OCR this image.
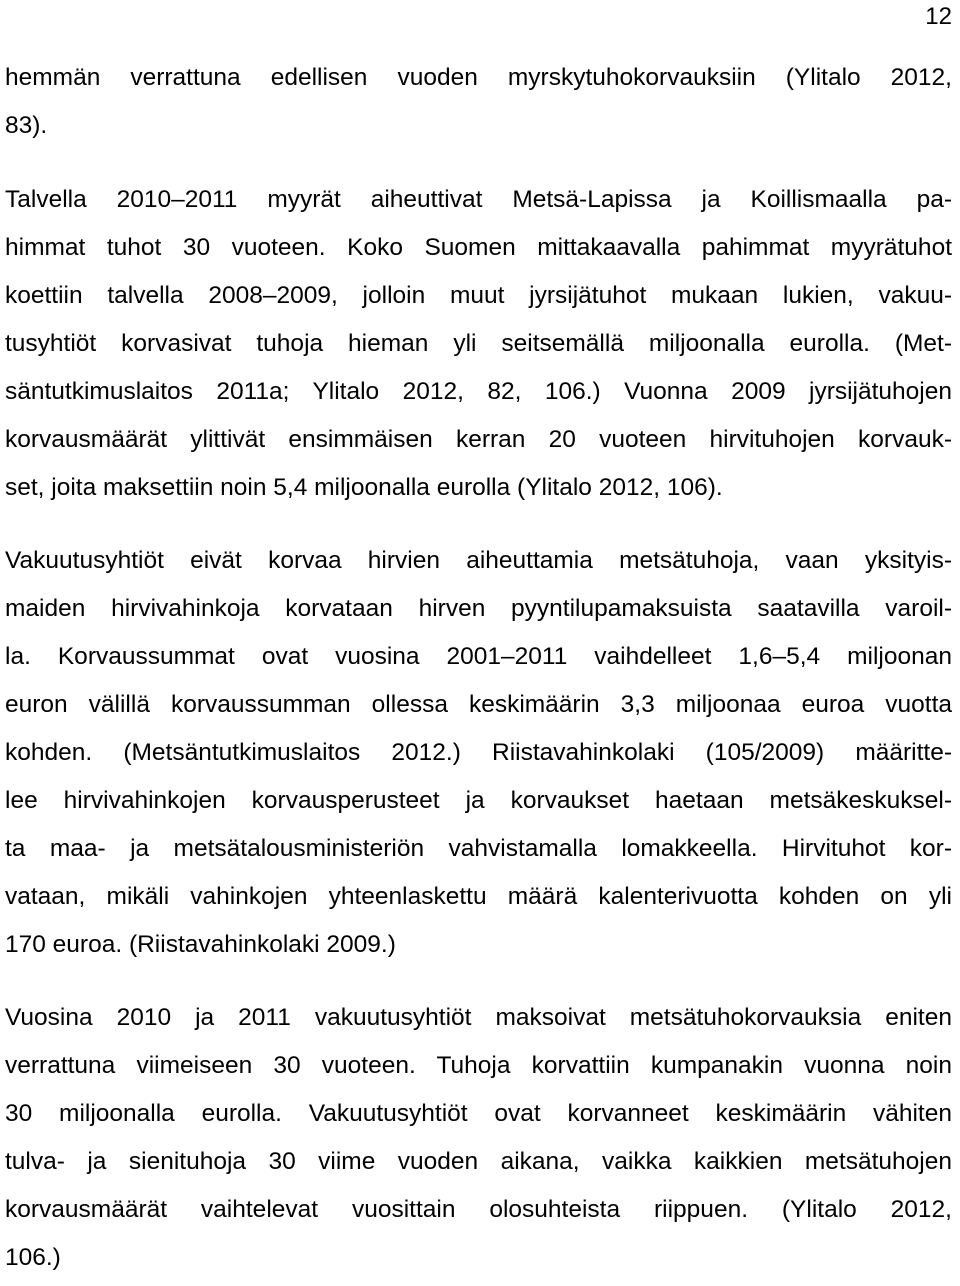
12
hemmän verrattuna edellisen vuoden myrskytuhokorvauksiin (Ylitalo 2012,
83).
Talvella 2010–2011 myyrät aiheuttivat Metsä-Lapissa ja Koillismaalla pa-
himmat tuhot 30 vuoteen. Koko Suomen mittakaavalla pahimmat myyrätuhot
koettiin talvella 2008–2009, jolloin muut jyrsijätuhot mukaan lukien, vakuu-
tusyhtiöt korvasivat tuhoja hieman yli seitsemällä miljoonalla eurolla. (Met-
säntutkimuslaitos 2011a; Ylitalo 2012, 82, 106.) Vuonna 2009 jyrsijätuhojen
korvausmäärät ylittivät ensimmäisen kerran 20 vuoteen hirvituhojen korvauk-
set, joita maksettiin noin 5,4 miljoonalla eurolla (Ylitalo 2012, 106).
Vakuutusyhtiöt eivät korvaa hirvien aiheuttamia metsätuhoja, vaan yksityis-
maiden hirvivahinkoja korvataan hirven pyyntilupamaksuista saatavilla varoil-
la. Korvaussummat ovat vuosina 2001–2011 vaihdelleet 1,6–5,4 miljoonan
euron välillä korvaussumman ollessa keskimäärin 3,3 miljoonaa euroa vuotta
kohden. (Metsäntutkimuslaitos 2012.) Riistavahinkolaki (105/2009) määritte-
lee hirvivahinkojen korvausperusteet ja korvaukset haetaan metsäkeskuksel-
ta maa- ja metsätalousministeriön vahvistamalla lomakkeella. Hirvituhot kor-
vataan, mikäli vahinkojen yhteenlaskettu määrä kalenterivuotta kohden on yli
170 euroa. (Riistavahinkolaki 2009.)
Vuosina 2010 ja 2011 vakuutusyhtiöt maksoivat metsätuhokorvauksia eniten
verrattuna viimeiseen 30 vuoteen. Tuhoja korvattiin kumpanakin vuonna noin
30 miljoonalla eurolla. Vakuutusyhtiöt ovat korvanneet keskimäärin vähiten
tulva- ja sienituhoja 30 viime vuoden aikana, vaikka kaikkien metsätuhojen
korvausmäärät vaihtelevat vuosittain olosuhteista riippuen. (Ylitalo 2012,
106.)
